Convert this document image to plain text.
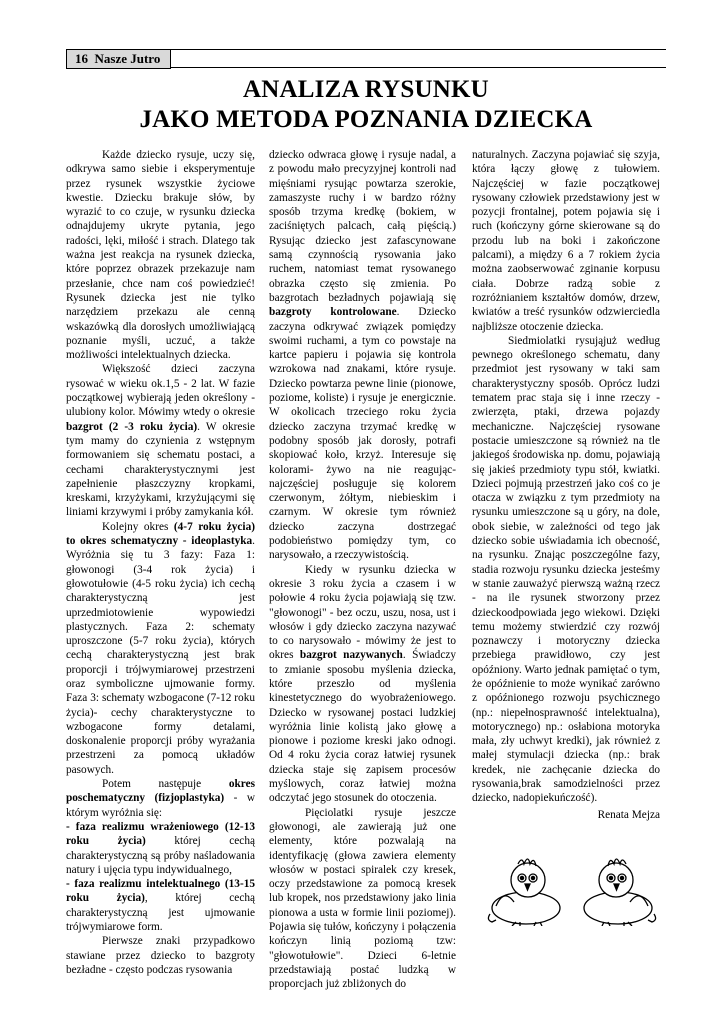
16 Nasze Jutro
ANALIZA RYSUNKU
JAKO METODA POZNANIA DZIECKA

Każde dziecko rysuje, uczy się, odkrywa samo siebie i eksperymentuje przez rysunek wszystkie życiowe kwestie. Dziecku brakuje słów, by wyrazić to co czuje, w rysunku dziecka odnajdujemy ukryte pytania, jego radości, lęki, miłość i strach. Dlatego tak ważna jest reakcja na rysunek dziecka, które poprzez obrazek przekazuje nam przesłanie, chce nam coś powiedzieć! Rysunek dziecka jest nie tylko narzędziem przekazu ale cenną wskazówką dla dorosłych umożliwiającą poznanie myśli, uczuć, a także możliwości intelektualnych dziecka.

Większość dzieci zaczyna rysować w wieku ok.1,5 - 2 lat. W fazie początkowej wybierają jeden określony - ulubiony kolor. Mówimy wtedy o okresie bazgrot (2 -3 roku życia). W okresie tym mamy do czynienia z wstępnym formowaniem się schematu postaci, a cechami charakterystycznymi jest zapełnienie płaszczyzny kropkami, kreskami, krzyżykami, krzyżującymi się liniami krzywymi i próby zamykania kół.

Kolejny okres (4-7 roku życia) to okres schematyczny - ideoplastyka. Wyróżnia się tu 3 fazy: Faza 1: głowonogi (3-4 rok życia) i głowotułowie (4-5 roku życia) ich cechą charakterystyczną jest uprzedmiotowienie wypowiedzi plastycznych. Faza 2: schematy uproszczone (5-7 roku życia), których cechą charakterystyczną jest brak proporcji i trójwymiarowej przestrzeni oraz symboliczne ujmowanie formy. Faza 3: schematy wzbogacone (7-12 roku życia)- cechy charakterystyczne to wzbogacone formy detalami, doskonalenie proporcji próby wyrażania przestrzeni za pomocą układów pasowych.

Potem następuje okres poschematyczny (fizjoplastyka) - w którym wyróżnia się:

- faza realizmu wrażeniowego (12-13 roku życia) której cechą charakterystyczną są próby naśladowania natury i ujęcia typu indywidualnego,

- faza realizmu intelektualnego (13-15 roku życia), której cechą charakterystyczną jest ujmowanie trójwymiarowe form.

Pierwsze znaki przypadkowo stawiane przez dziecko to bazgroty bezładne - często podczas rysowania

dziecko odwraca głowę i rysuje nadal, a z powodu mało precyzyjnej kontroli nad mięśniami rysując powtarza szerokie, zamaszyste ruchy i w bardzo różny sposób trzyma kredkę (bokiem, w zaciśniętych palcach, całą pięścią.) Rysując dziecko jest zafascynowane samą czynnością rysowania jako ruchem, natomiast temat rysowanego obrazka często się zmienia. Po bazgrotach bezładnych pojawiają się bazgroty kontrolowane. Dziecko zaczyna odkrywać związek pomiędzy swoimi ruchami, a tym co powstaje na kartce papieru i pojawia się kontrola wzrokowa nad znakami, które rysuje. Dziecko powtarza pewne linie (pionowe, poziome, koliste) i rysuje je energicznie. W okolicach trzeciego roku życia dziecko zaczyna trzymać kredkę w podobny sposób jak dorosły, potrafi skopiować koło, krzyż. Interesuje się kolorami- żywo na nie reagując- najczęściej posługuje się kolorem czerwonym, żółtym, niebieskim i czarnym. W okresie tym również dziecko zaczyna dostrzegać podobieństwo pomiędzy tym, co narysowało, a rzeczywistością.

Kiedy w rysunku dziecka w okresie 3 roku życia a czasem i w połowie 4 roku życia pojawiają się tzw. "głowonogi" - bez oczu, uszu, nosa, ust i włosów i gdy dziecko zaczyna nazywać to co narysowało - mówimy że jest to okres bazgrot nazywanych. Świadczy to zmianie sposobu myślenia dziecka, które przeszło od myślenia kinestetycznego do wyobrażeniowego. Dziecko w rysowanej postaci ludzkiej wyróżnia linie kolistą jako głowę a pionowe i poziome kreski jako odnogi. Od 4 roku życia coraz łatwiej rysunek dziecka staje się zapisem procesów myślowych, coraz łatwiej można odczytać jego stosunek do otoczenia.

Pięciolatki rysuje jeszcze głowonogi, ale zawierają już one elementy, które pozwalają na identyfikację (głowa zawiera elementy włosów w postaci spiralek czy kresek, oczy przedstawione za pomocą kresek lub kropek, nos przedstawiony jako linia pionowa a usta w formie linii poziomej). Pojawia się tułów, kończyny i połączenia kończyn linią poziomą tzw: "głowotułowie". Dzieci 6-letnie przedstawiają postać ludzką w proporcjach już zbliżonych do

naturalnych. Zaczyna pojawiać się szyja, która łączy głowę z tułowiem. Najczęściej w fazie początkowej rysowany człowiek przedstawiony jest w pozycji frontalnej, potem pojawia się i ruch (kończyny górne skierowane są do przodu lub na boki i zakończone palcami), a między 6 a 7 rokiem życia można zaobserwować zginanie korpusu ciała. Dobrze radzą sobie z rozróżnianiem kształtów domów, drzew, kwiatów a treść rysunków odzwierciedla najbliższe otoczenie dziecka.

Siedmiolatki rysująjuż według pewnego określonego schematu, dany przedmiot jest rysowany w taki sam charakterystyczny sposób. Oprócz ludzi tematem prac staja się i inne rzeczy - zwierzęta, ptaki, drzewa pojazdy mechaniczne. Najczęściej rysowane postacie umieszczone są również na tle jakiegoś środowiska np. domu, pojawiają się jakieś przedmioty typu stół, kwiatki. Dzieci pojmują przestrzeń jako coś co je otacza w związku z tym przedmioty na rysunku umieszczone są u góry, na dole, obok siebie, w zależności od tego jak dziecko sobie uświadamia ich obecność, na rysunku. Znając poszczególne fazy, stadia rozwoju rysunku dziecka jesteśmy w stanie zauważyć pierwszą ważną rzecz - na ile rysunek stworzony przez dzieckoodpowiada jego wiekowi. Dzięki temu możemy stwierdzić czy rozwój poznawczy i motoryczny dziecka przebiega prawidłowo, czy jest opóźniony. Warto jednak pamiętać o tym, że opóźnienie to może wynikać zarówno z opóźnionego rozwoju psychicznego (np.: niepełnosprawność intelektualna), motorycznego) np.: osłabiona motoryka mała, zły uchwyt kredki), jak również z małej stymulacji dziecka (np.: brak kredek, nie zachęcanie dziecka do rysowania,brak samodzielności przez dziecko, nadopiekuńczość).

Renata Mejza
